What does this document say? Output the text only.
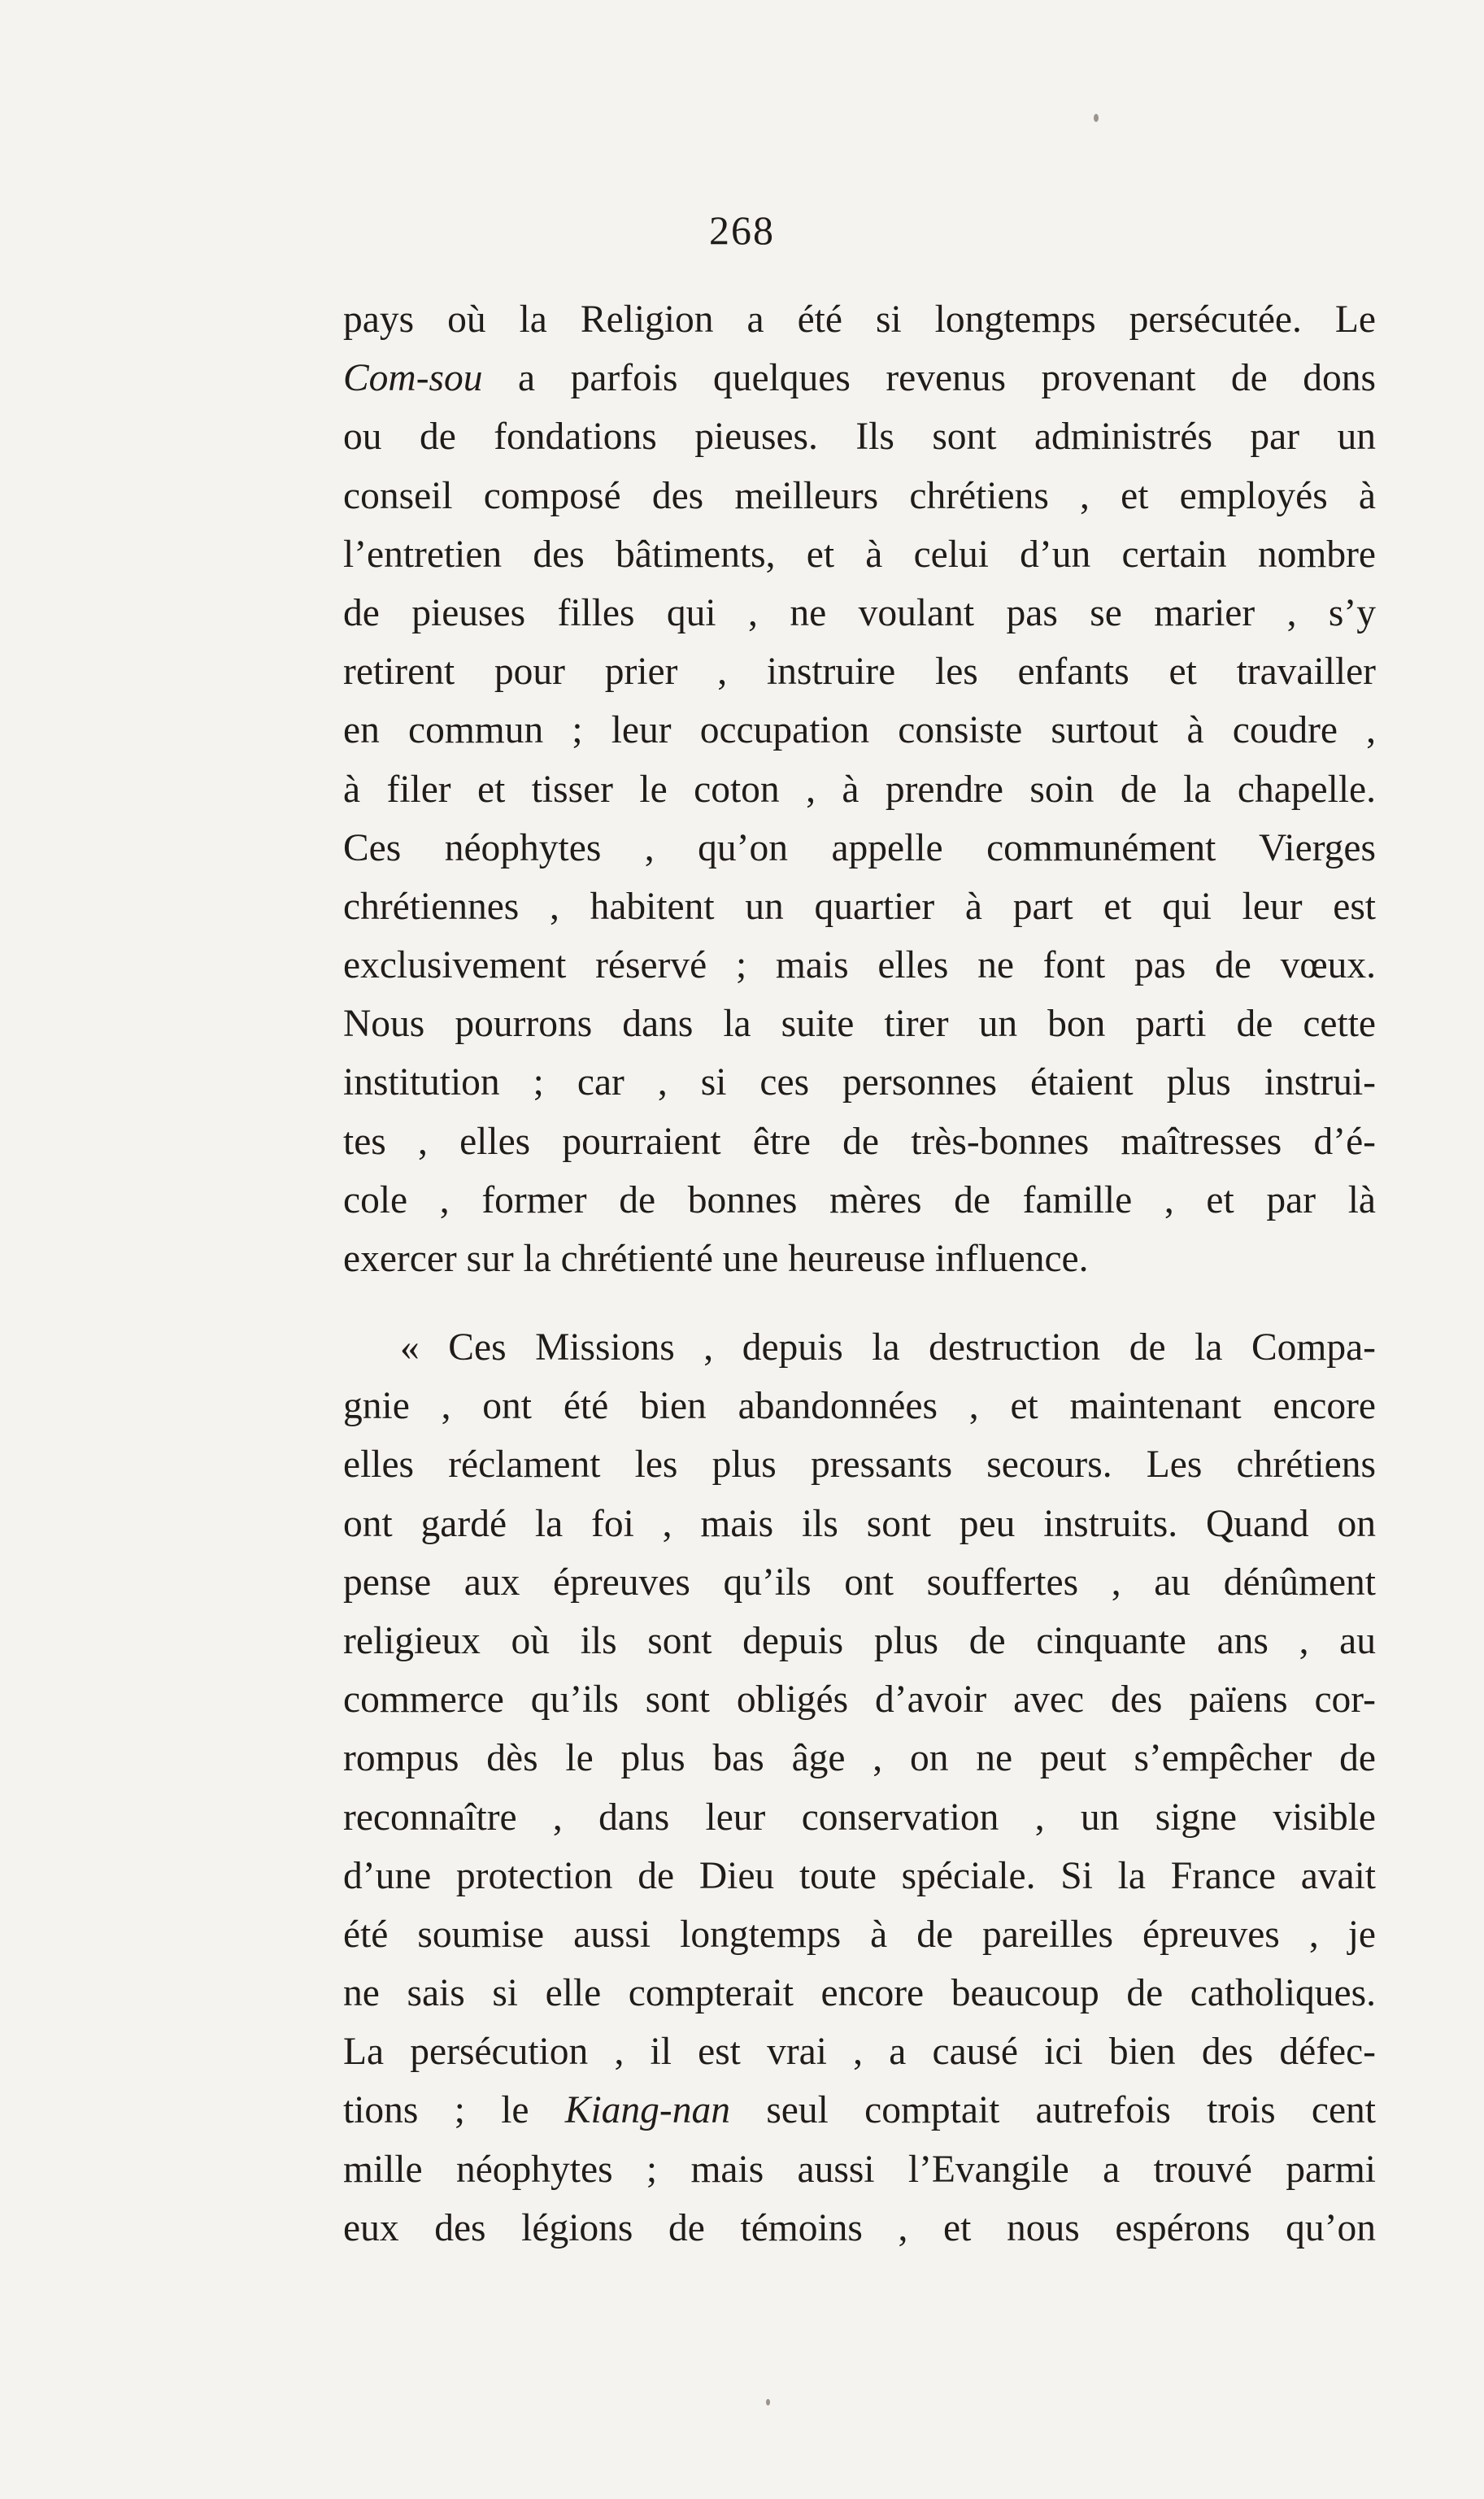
268
pays où la Religion a été si longtemps persécutée. Le
Com-sou a parfois quelques revenus provenant de dons
ou de fondations pieuses. Ils sont administrés par un
conseil composé des meilleurs chrétiens , et employés à
l’entretien des bâtiments, et à celui d’un certain nombre
de pieuses filles qui , ne voulant pas se marier , s’y
retirent pour prier , instruire les enfants et travailler
en commun ; leur occupation consiste surtout à coudre ,
à filer et tisser le coton , à prendre soin de la chapelle.
Ces néophytes , qu’on appelle communément Vierges
chrétiennes , habitent un quartier à part et qui leur est
exclusivement réservé ; mais elles ne font pas de vœux.
Nous pourrons dans la suite tirer un bon parti de cette
institution ; car , si ces personnes étaient plus instrui-
tes , elles pourraient être de très-bonnes maîtresses d’é-
cole , former de bonnes mères de famille , et par là
exercer sur la chrétienté une heureuse influence.
« Ces Missions , depuis la destruction de la Compa-
gnie , ont été bien abandonnées , et maintenant encore
elles réclament les plus pressants secours. Les chrétiens
ont gardé la foi , mais ils sont peu instruits. Quand on
pense aux épreuves qu’ils ont souffertes , au dénûment
religieux où ils sont depuis plus de cinquante ans , au
commerce qu’ils sont obligés d’avoir avec des païens cor-
rompus dès le plus bas âge , on ne peut s’empêcher de
reconnaître , dans leur conservation , un signe visible
d’une protection de Dieu toute spéciale. Si la France avait
été soumise aussi longtemps à de pareilles épreuves , je
ne sais si elle compterait encore beaucoup de catholiques.
La persécution , il est vrai , a causé ici bien des défec-
tions ; le Kiang-nan seul comptait autrefois trois cent
mille néophytes ; mais aussi l’Evangile a trouvé parmi
eux des légions de témoins , et nous espérons qu’on
